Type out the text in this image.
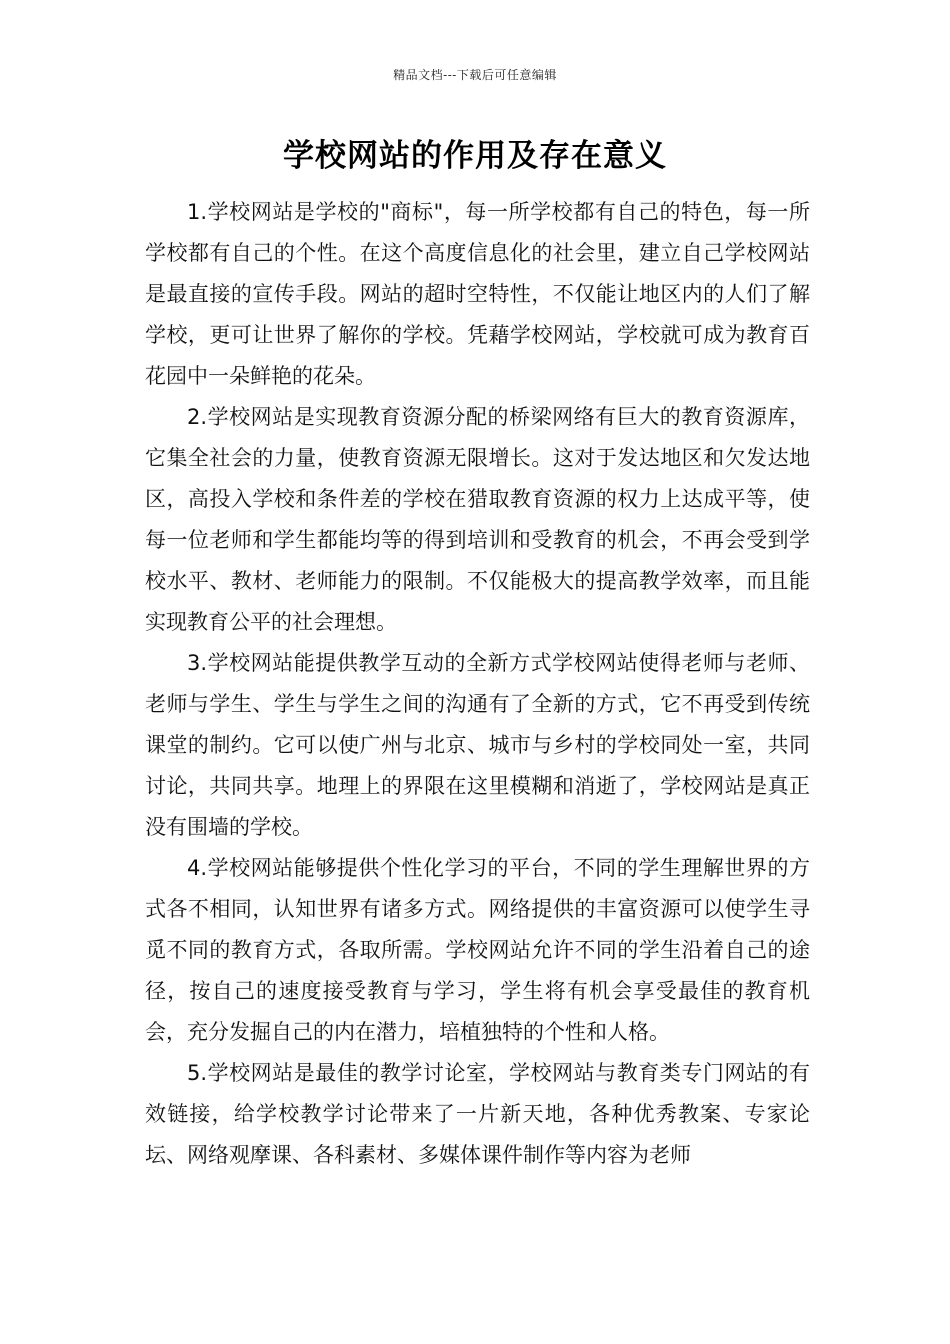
精品文档---下载后可任意编辑
学校网站的作用及存在意义

1.学校网站是学校的"商标"，每一所学校都有自己的特色，每一所学校都有自己的个性。在这个高度信息化的社会里，建立自己学校网站是最直接的宣传手段。网站的超时空特性，不仅能让地区内的人们了解学校，更可让世界了解你的学校。凭藉学校网站，学校就可成为教育百花园中一朵鲜艳的花朵。

2.学校网站是实现教育资源分配的桥梁网络有巨大的教育资源库，它集全社会的力量，使教育资源无限增长。这对于发达地区和欠发达地区，高投入学校和条件差的学校在猎取教育资源的权力上达成平等，使每一位老师和学生都能均等的得到培训和受教育的机会，不再会受到学校水平、教材、老师能力的限制。不仅能极大的提高教学效率，而且能实现教育公平的社会理想。

3.学校网站能提供教学互动的全新方式学校网站使得老师与老师、老师与学生、学生与学生之间的沟通有了全新的方式，它不再受到传统课堂的制约。它可以使广州与北京、城市与乡村的学校同处一室，共同讨论，共同共享。地理上的界限在这里模糊和消逝了，学校网站是真正没有围墙的学校。

4.学校网站能够提供个性化学习的平台，不同的学生理解世界的方式各不相同，认知世界有诸多方式。网络提供的丰富资源可以使学生寻觅不同的教育方式，各取所需。学校网站允许不同的学生沿着自己的途径，按自己的速度接受教育与学习，学生将有机会享受最佳的教育机会，充分发掘自己的内在潜力，培植独特的个性和人格。

5.学校网站是最佳的教学讨论室，学校网站与教育类专门网站的有效链接，给学校教学讨论带来了一片新天地，各种优秀教案、专家论坛、网络观摩课、各科素材、多媒体课件制作等内容为老师
